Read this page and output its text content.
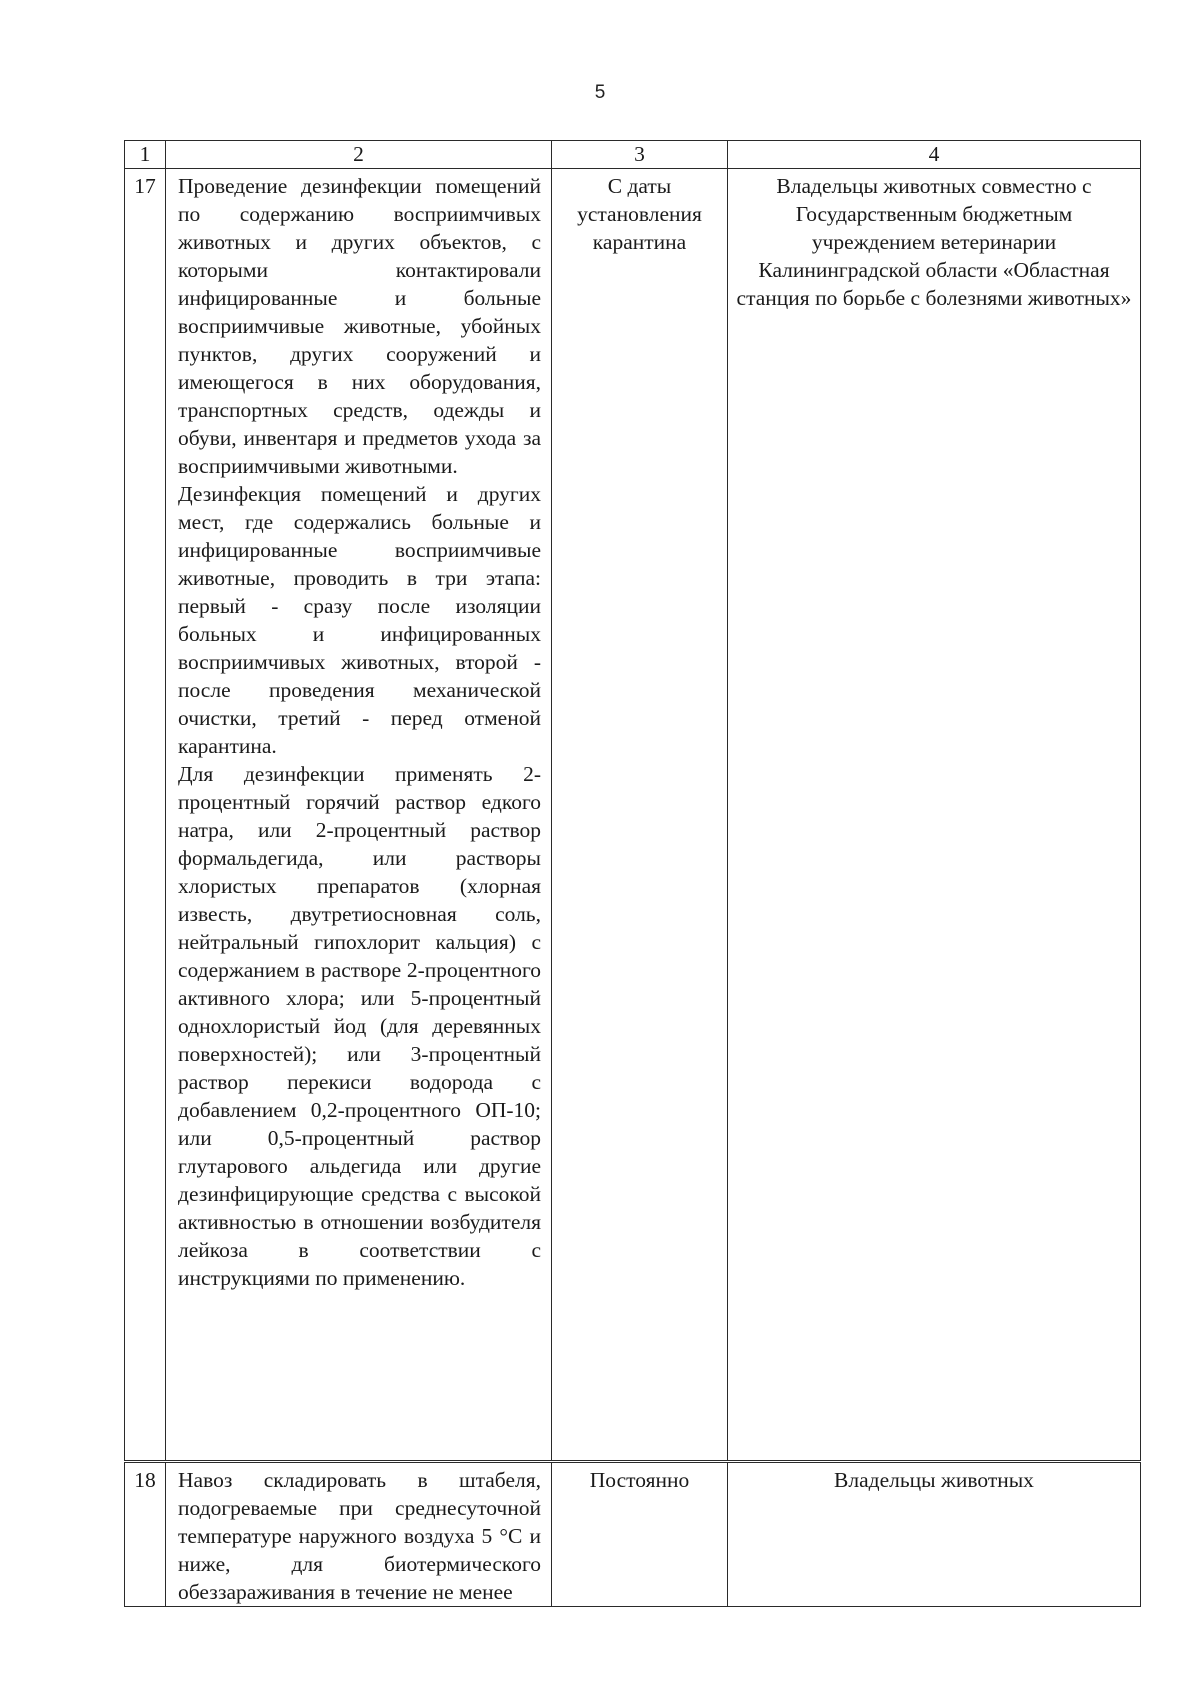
5
1	2	3	4
17	Проведение дезинфекции помещений по содержанию восприимчивых животных и других объектов, с которыми контактировали инфицированные и больные восприимчивые животные, убойных пунктов, других сооружений и имеющегося в них оборудования, транспортных средств, одежды и обуви, инвентаря и предметов ухода за восприимчивыми животными.

Дезинфекция помещений и других мест, где содержались больные и инфицированные восприимчивые животные, проводить в три этапа: первый - сразу после изоляции больных и инфицированных восприимчивых животных, второй - после проведения механической очистки, третий - перед отменой карантина.

Для дезинфекции применять 2-процентный горячий раствор едкого натра, или 2-процентный раствор формальдегида, или растворы хлористых препаратов (хлорная известь, двутретиосновная соль, нейтральный гипохлорит кальция) с содержанием в растворе 2-процентного активного хлора; или 5-процентный однохлористый йод (для деревянных поверхностей); или 3-процентный раствор перекиси водорода с добавлением 0,2-процентного ОП-10; или 0,5-процентный раствор глутарового альдегида или другие дезинфицирующие средства с высокой активностью в отношении возбудителя лейкоза в соответствии с инструкциями по применению.	С даты установления карантина	Владельцы животных совместно с Государственным бюджетным учреждением ветеринарии Калининградской области «Областная станция по борьбе с болезнями животных»
18	Навоз складировать в штабеля, подогреваемые при среднесуточной температуре наружного воздуха 5 °С и ниже, для биотермического обеззараживания в течение не менее	Постоянно	Владельцы животных
